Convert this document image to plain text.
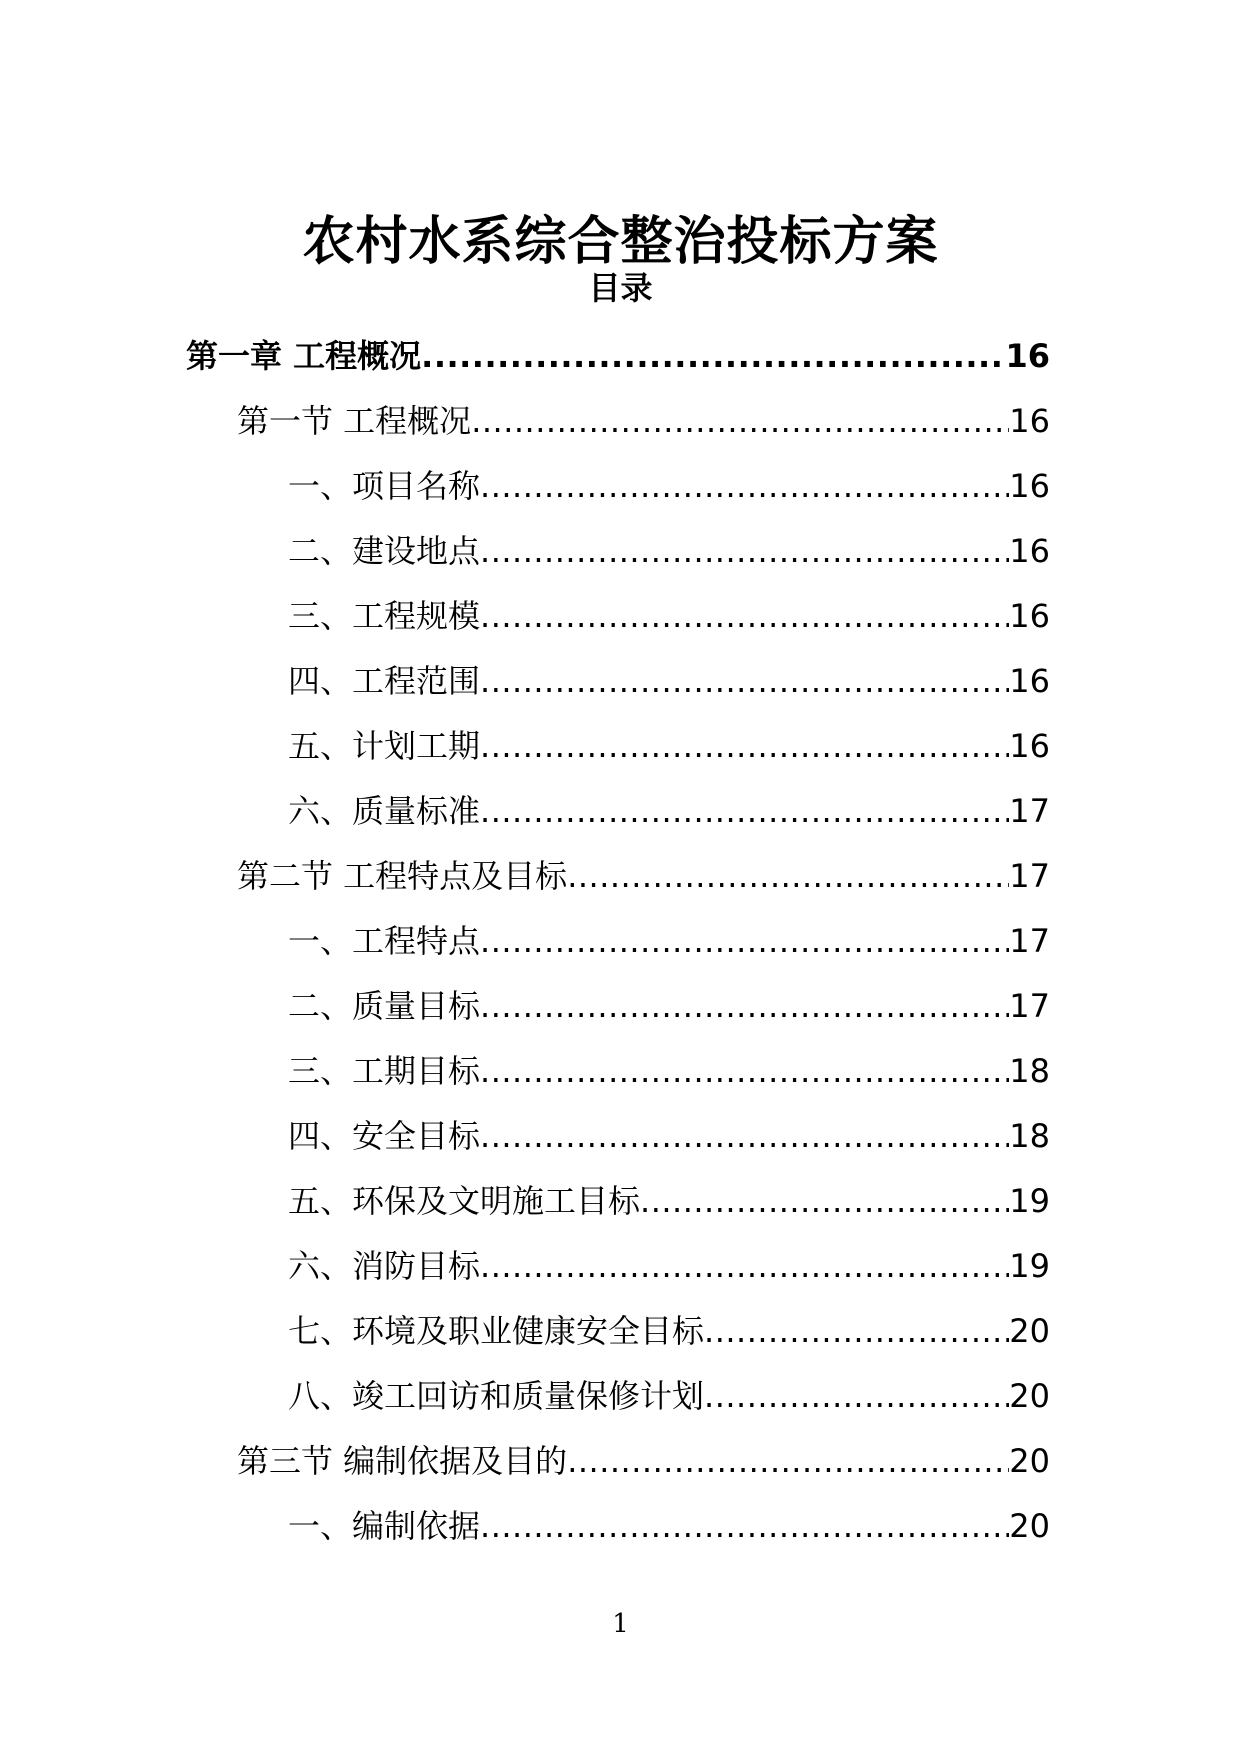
农村水系综合整治投标方案
目录
第一章 工程概况 .....	16
第一节 工程概况 .....	16
一、项目名称 .....	16
二、建设地点 .....	16
三、工程规模 .....	16
四、工程范围 .....	16
五、计划工期 .....	16
六、质量标准 .....	17
第二节 工程特点及目标 .....	17
一、工程特点 .....	17
二、质量目标 .....	17
三、工期目标 .....	18
四、安全目标 .....	18
五、环保及文明施工目标 .....	19
六、消防目标 .....	19
七、环境及职业健康安全目标 .....	20
八、竣工回访和质量保修计划 .....	20
第三节 编制依据及目的 .....	20
一、编制依据 .....	20
1
